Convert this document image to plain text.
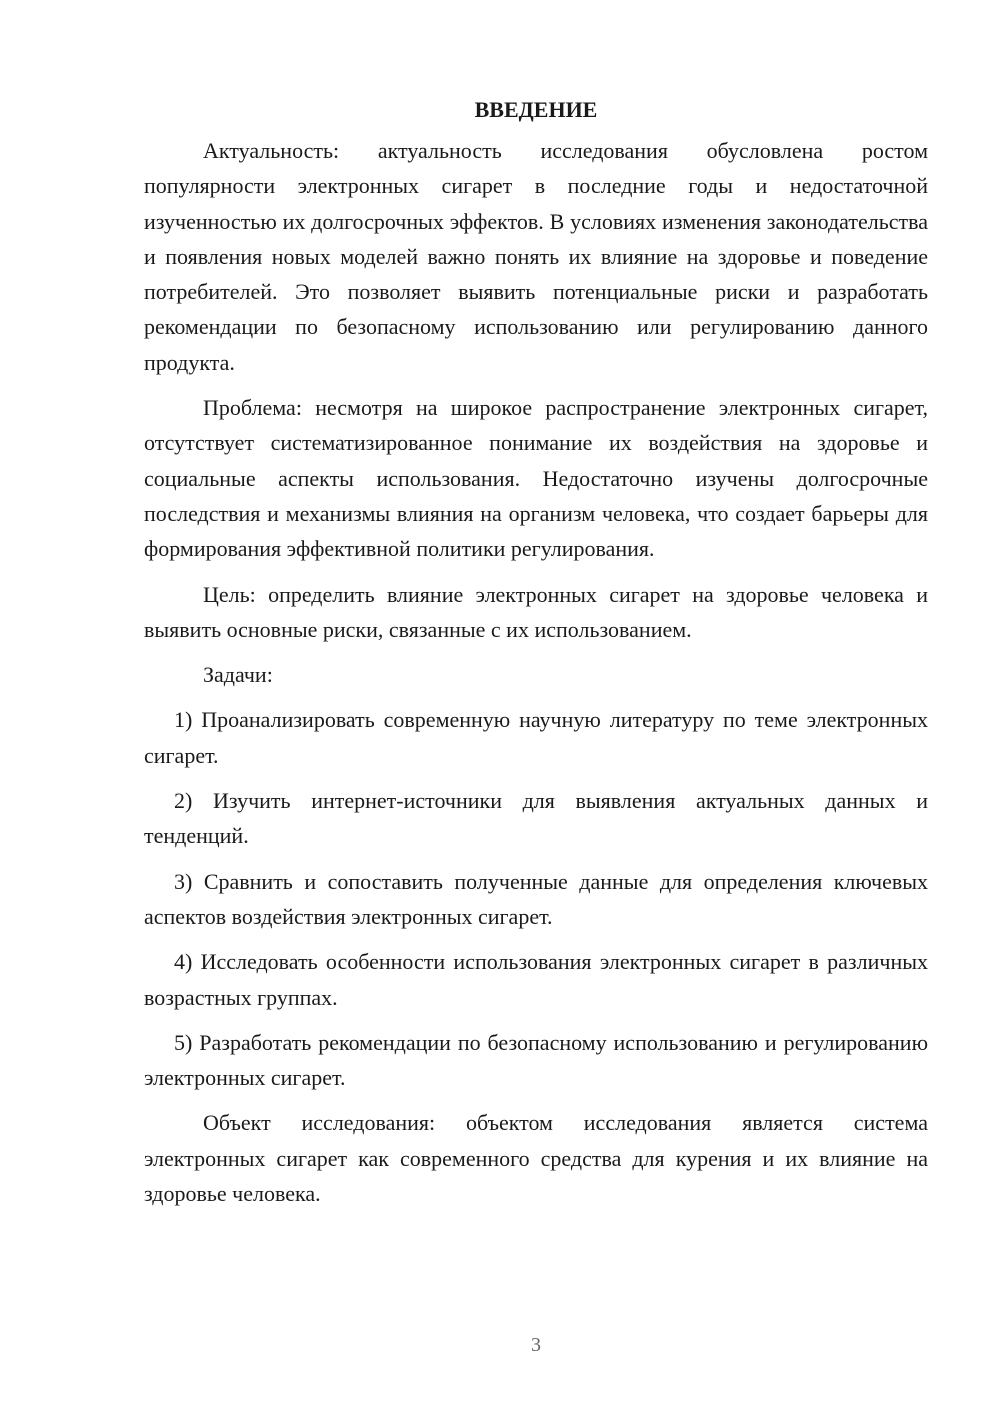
ВВЕДЕНИЕ

Актуальность: актуальность исследования обусловлена ростом популярности электронных сигарет в последние годы и недостаточной изученностью их долгосрочных эффектов. В условиях изменения законодательства и появления новых моделей важно понять их влияние на здоровье и поведение потребителей. Это позволяет выявить потенциальные риски и разработать рекомендации по безопасному использованию или регулированию данного продукта.

Проблема: несмотря на широкое распространение электронных сигарет, отсутствует систематизированное понимание их воздействия на здоровье и социальные аспекты использования. Недостаточно изучены долгосрочные последствия и механизмы влияния на организм человека, что создает барьеры для формирования эффективной политики регулирования.

Цель: определить влияние электронных сигарет на здоровье человека и выявить основные риски, связанные с их использованием.

Задачи:

1) Проанализировать современную научную литературу по теме электронных сигарет.

2) Изучить интернет-источники для выявления актуальных данных и тенденций.

3) Сравнить и сопоставить полученные данные для определения ключевых аспектов воздействия электронных сигарет.

4) Исследовать особенности использования электронных сигарет в различных возрастных группах.

5) Разработать рекомендации по безопасному использованию и регулированию электронных сигарет.

Объект исследования: объектом исследования является система электронных сигарет как современного средства для курения и их влияние на здоровье человека.

3
